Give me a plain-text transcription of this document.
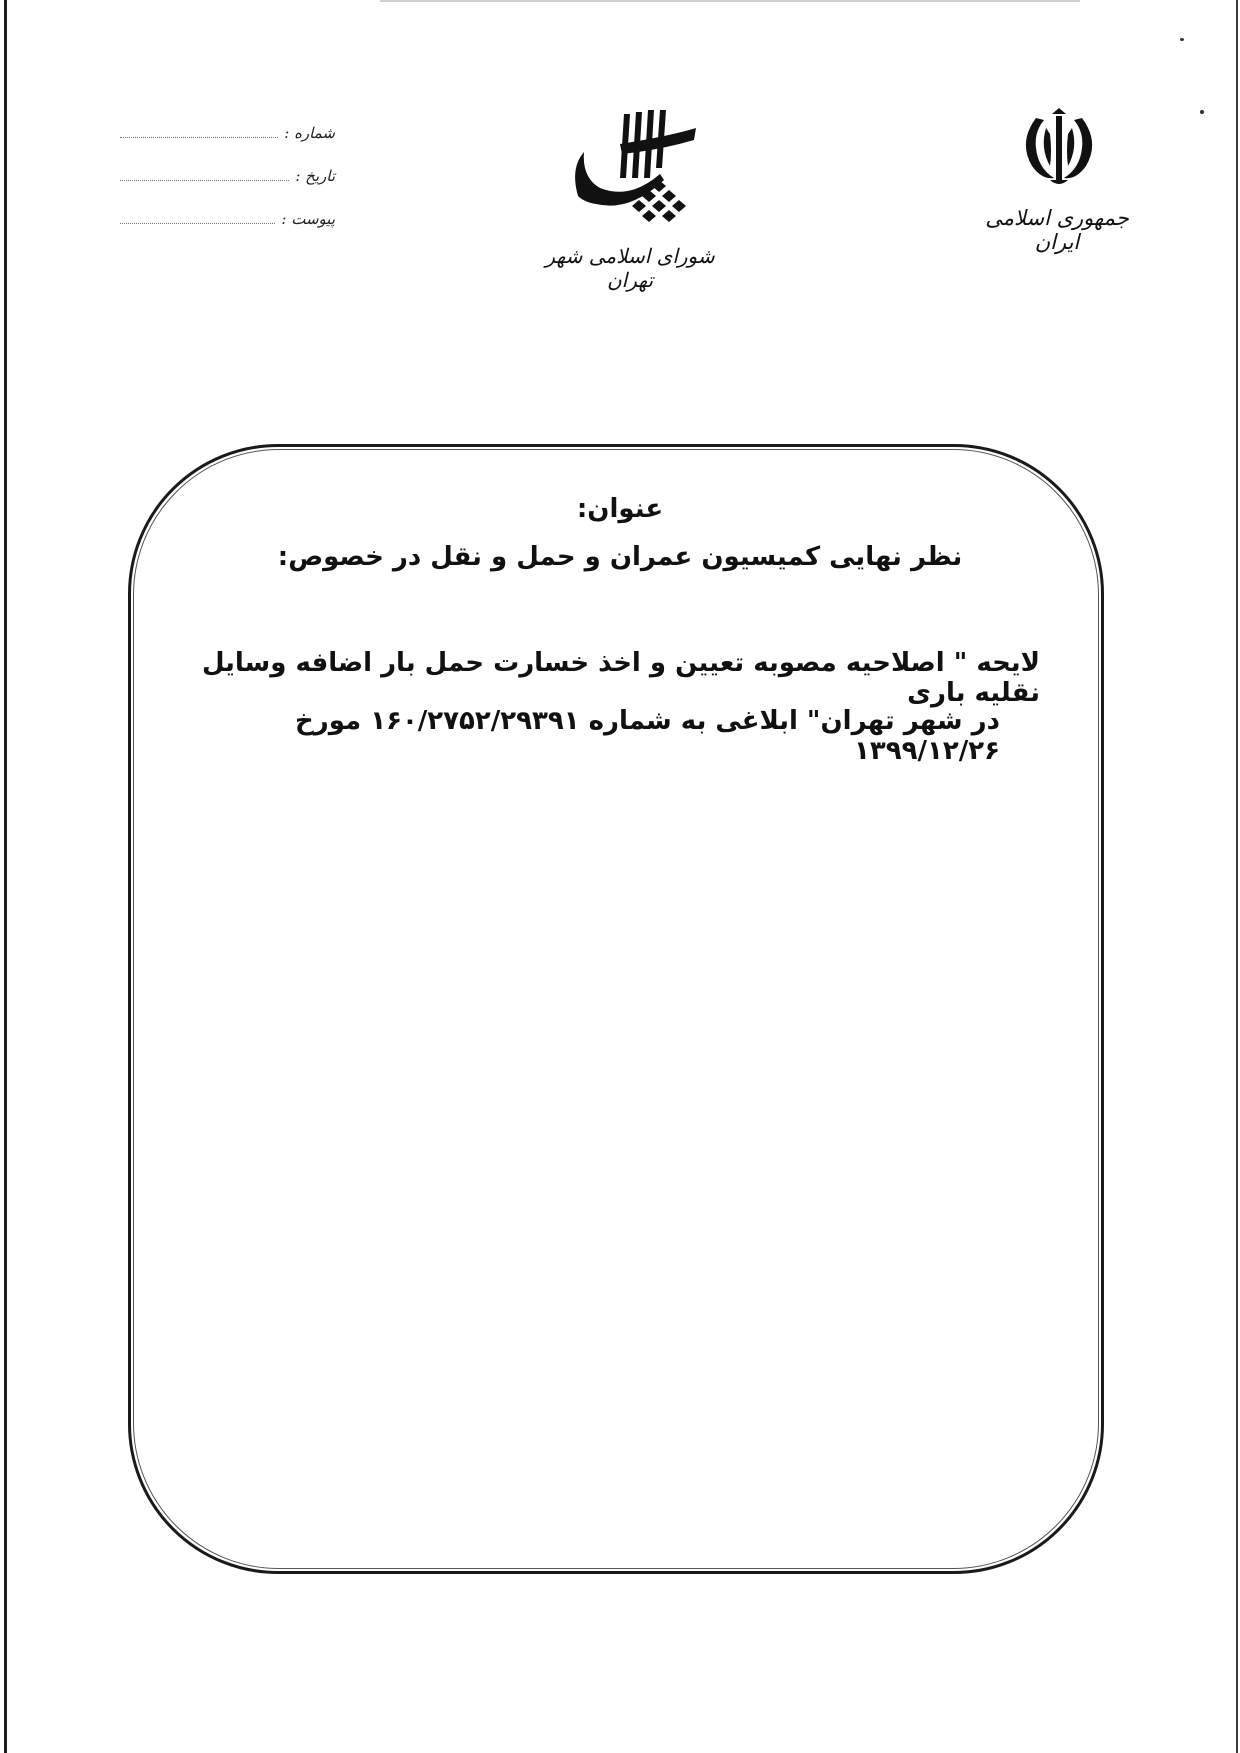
شماره :
تاریخ :
پیوست :
شورای اسلامی شهر تهران
جمهوری اسلامی ایران
عنوان:
نظر نهایی کمیسیون عمران و حمل و نقل در خصوص:
لایحه " اصلاحیه مصوبه تعیین و اخذ خسارت حمل بار اضافه وسایل نقلیه باری
در شهر تهران" ابلاغی به شماره ۱۶۰/۲۷۵۲/۲۹۳۹۱ مورخ ۱۳۹۹/۱۲/۲۶
